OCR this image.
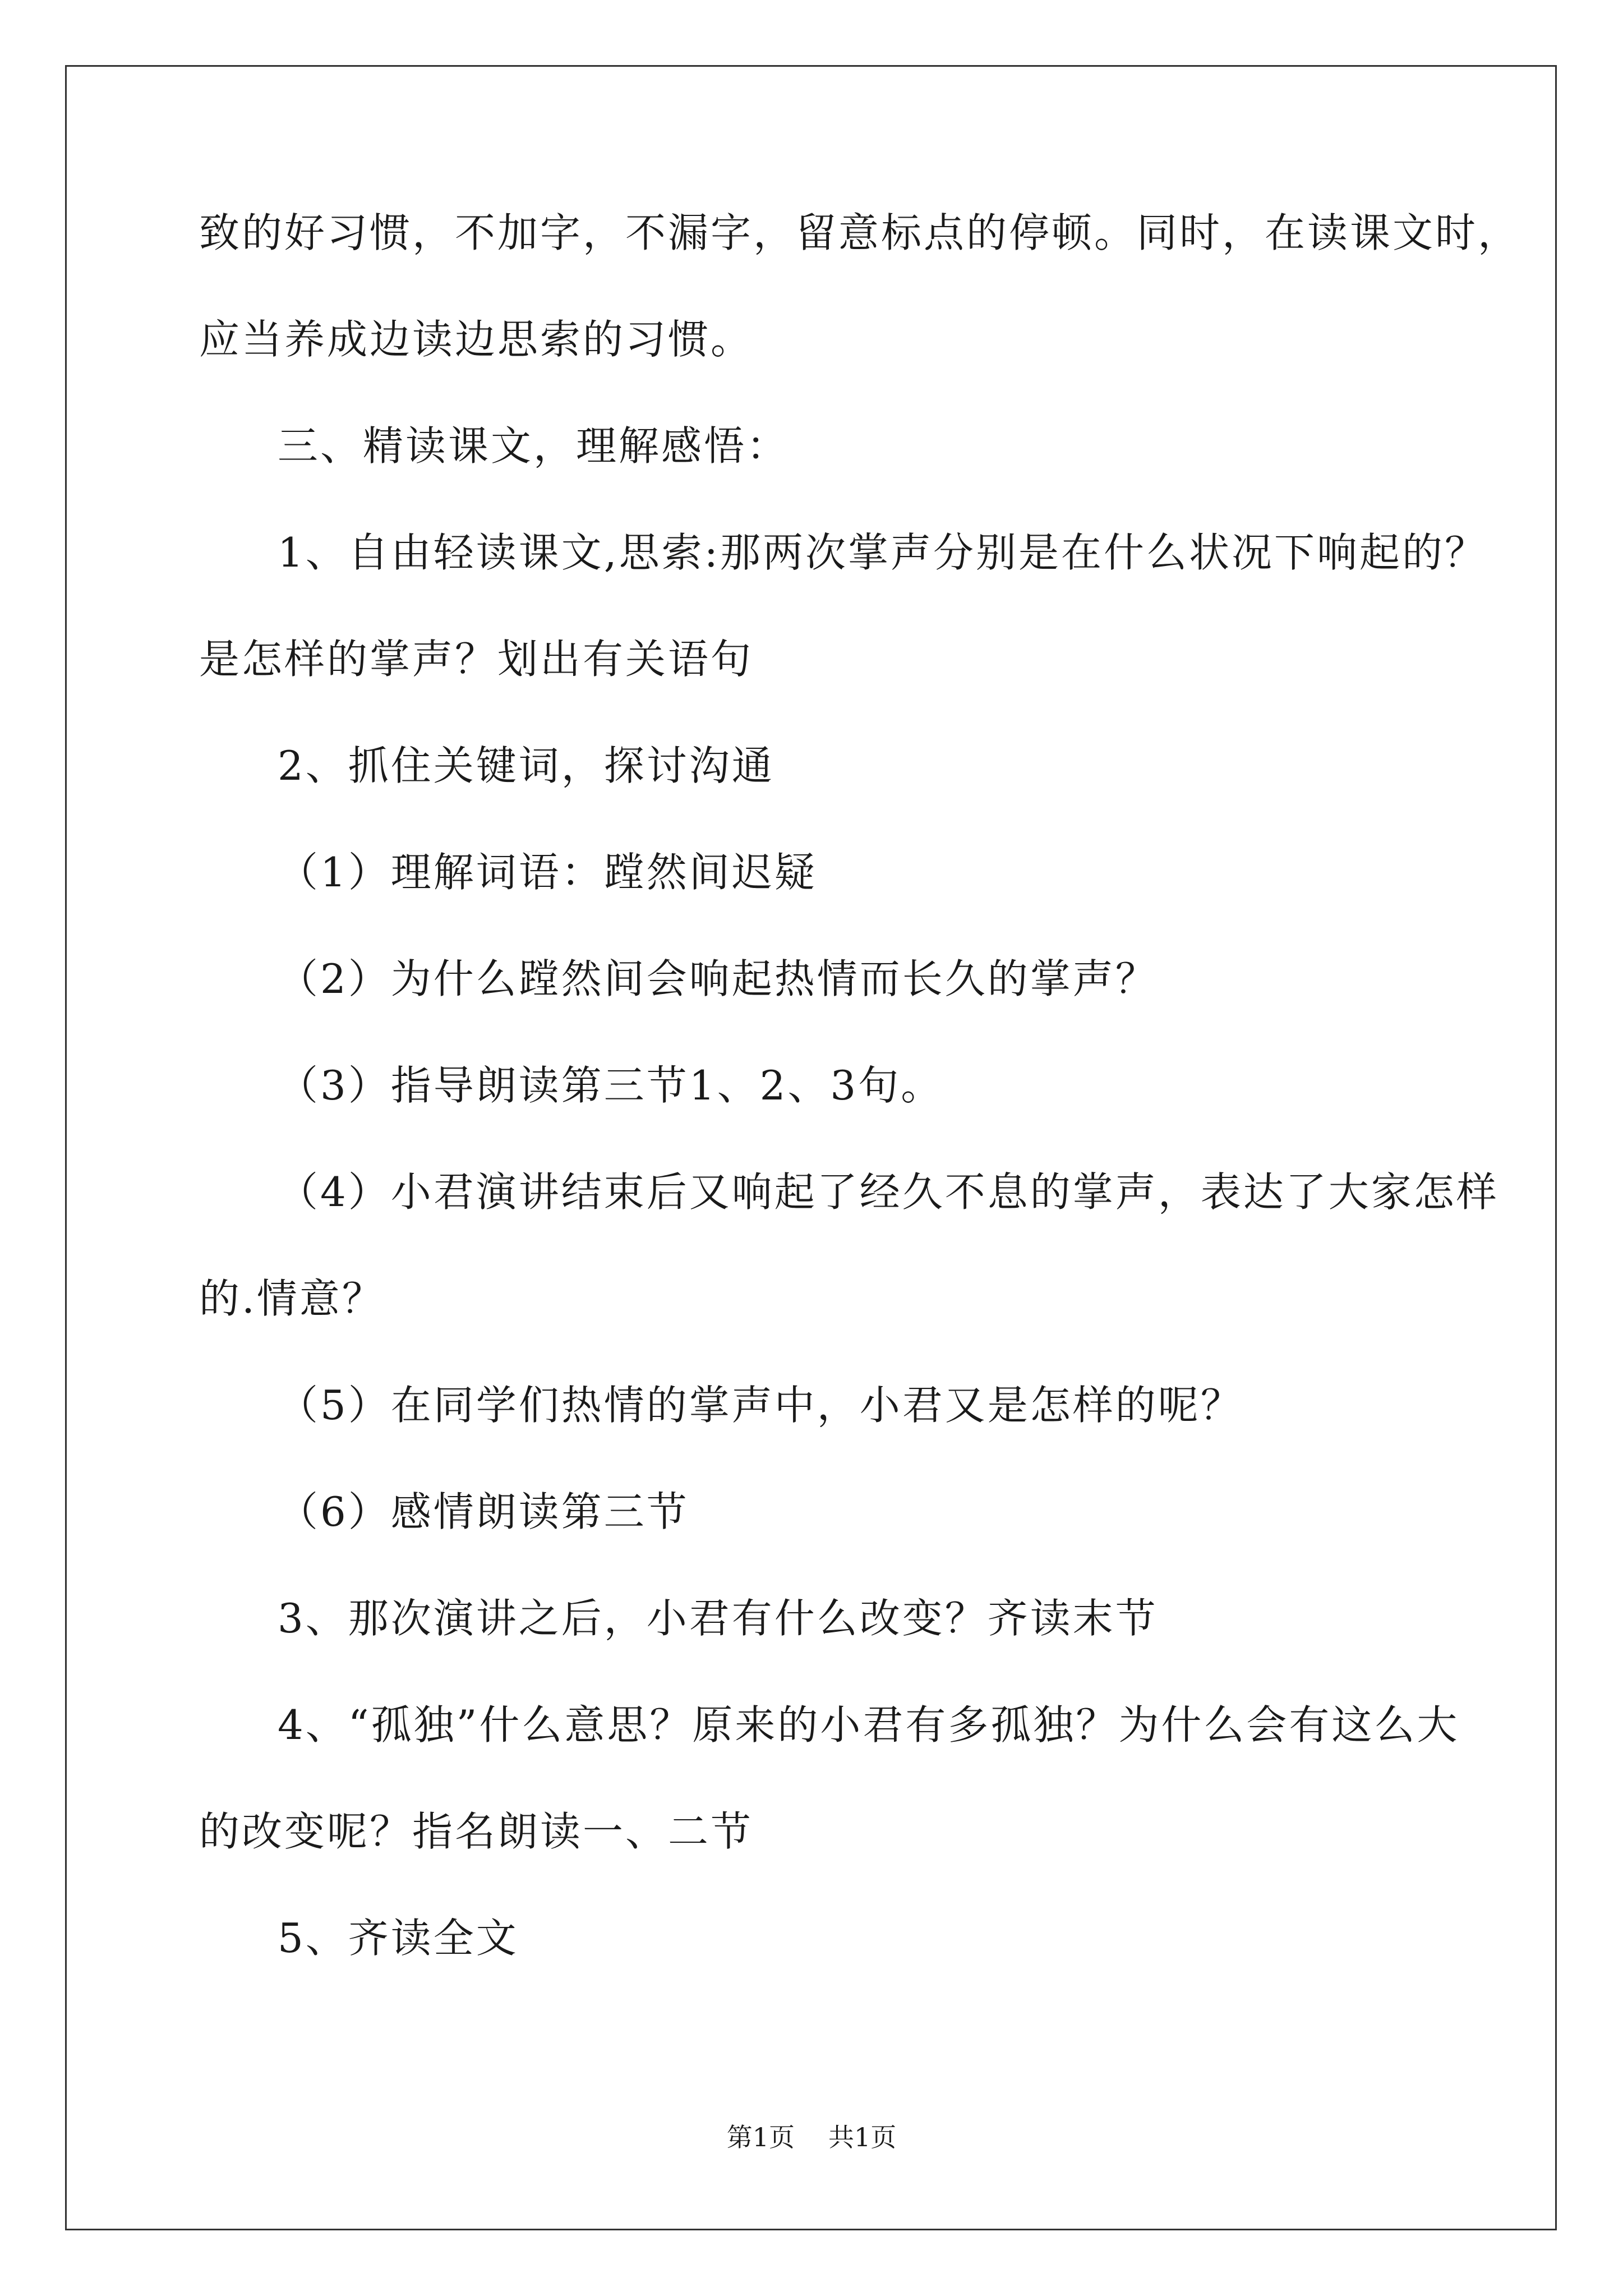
致的好习惯，不加字，不漏字，留意标点的停顿。同时，在读课文时，
应当养成边读边思索的习惯。
三、精读课文，理解感悟：
1、自由轻读课文,思索:那两次掌声分别是在什么状况下响起的？
是怎样的掌声？划出有关语句
2、抓住关键词，探讨沟通
（1）理解词语：蹚然间迟疑
（2）为什么蹚然间会响起热情而长久的掌声？
（3）指导朗读第三节1、2、3句。
（4）小君演讲结束后又响起了经久不息的掌声，表达了大家怎样
的.情意？
（5）在同学们热情的掌声中，小君又是怎样的呢？
（6）感情朗读第三节
3、那次演讲之后，小君有什么改变？齐读末节
4、“孤独”什么意思？原来的小君有多孤独？为什么会有这么大
的改变呢？指名朗读一、二节
5、齐读全文
第1页 共1页
